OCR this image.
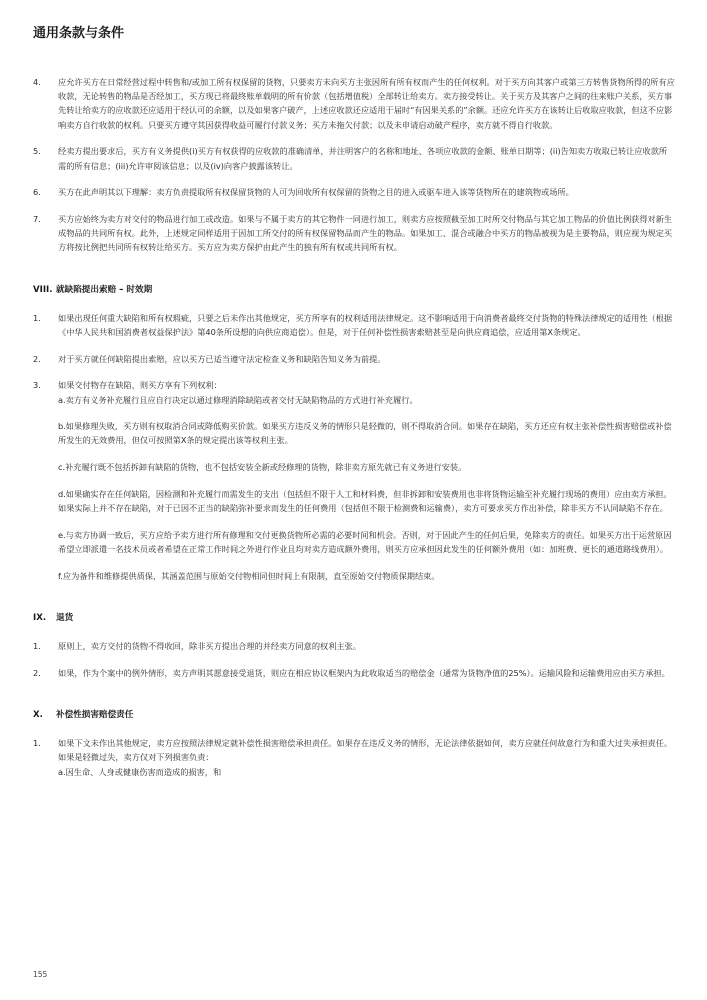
通用条款与条件
4. 应允许买方在日常经营过程中转售和/或加工所有权保留的货物，只要卖方未向买方主张因所有所有权而产生的任何权利。对于买方向其客户或第三方转售货物所得的所有应收款，无论转售的物品是否经加工，买方现已将最终账单载明的所有价款（包括增值税）全部转让给卖方。卖方接受转让。关于买方及其客户之间的往来账户关系，买方事先转让给卖方的应收款还应适用于经认可的余额，以及如果客户破产，上述应收款还应适用于届时“有因果关系的”余额。还应允许买方在该转让后收取应收款，但这不应影响卖方自行收款的权利。只要买方遵守其因获得收益可履行付款义务；买方未拖欠付款；以及未申请启动破产程序，卖方就不得自行收款。

5. 经卖方提出要求后，买方有义务提供(i)买方有权获得的应收款的准确清单，并注明客户的名称和地址、各项应收款的金额、账单日期等；(ii)告知卖方收取已转让应收款所需的所有信息；(iii)允许审阅该信息；以及(iv)向客户披露该转让。

6. 买方在此声明其以下理解：卖方负责提取所有权保留货物的人可为回收所有权保留的货物之目的进入或驱车进入该等货物所在的建筑物或场所。

7. 买方应始终为卖方对交付的物品进行加工或改造。如果与不属于卖方的其它物件一同进行加工，则卖方应按照截至加工时所交付物品与其它加工物品的价值比例获得对新生成物品的共同所有权。此外，上述规定同样适用于因加工所交付的所有权保留物品而产生的物品。如果加工、混合或融合中买方的物品被视为是主要物品，则应视为规定买方将按比例把共同所有权转让给买方。买方应为卖方保护由此产生的独有所有权或共同所有权。

VIII. 就缺陷提出索赔 – 时效期
1. 如果出现任何重大缺陷和所有权瑕疵，只要之后未作出其他规定，买方所享有的权利适用法律规定。这不影响适用于向消费者最终交付货物的特殊法律规定的适用性（根据《中华人民共和国消费者权益保护法》第40条所设想的向供应商追偿）。但是，对于任何补偿性损害索赔甚至是向供应商追偿，应适用第X条规定。

2. 对于买方就任何缺陷提出索赔，应以买方已适当遵守法定检查义务和缺陷告知义务为前提。

3. 如果交付物存在缺陷，则买方享有下列权利：

a.卖方有义务补充履行且应自行决定以通过修理消除缺陷或者交付无缺陷物品的方式进行补充履行。

b.如果修理失败，买方则有权取消合同或降低购买价款。如果买方违反义务的情形只是轻微的，则不得取消合同。如果存在缺陷，买方还应有权主张补偿性损害赔偿或补偿所发生的无效费用，但仅可按照第X条的规定提出该等权利主张。

c.补充履行既不包括拆卸有缺陷的货物，也不包括安装全新或经修理的货物，除非卖方原先就已有义务进行安装。

d.如果确实存在任何缺陷，因检测和补充履行而需发生的支出（包括但不限于人工和材料费，但非拆卸和安装费用也非将货物运输至补充履行现场的费用）应由卖方承担。如果实际上并不存在缺陷，对于已因不正当的缺陷弥补要求而发生的任何费用（包括但不限于检测费和运输费），卖方可要求买方作出补偿，除非买方不认同缺陷不存在。

e.与卖方协调一致后，买方应给予卖方进行所有修理和交付更换货物所必需的必要时间和机会。否则，对于因此产生的任何后果，免除卖方的责任。如果买方出于运营原因希望立即派遣一名技术员或者希望在正常工作时间之外进行作业且均对卖方造成额外费用，则买方应承担因此发生的任何额外费用（如：加班费、更长的通道路线费用）。

f.应为备件和维修提供质保，其涵盖范围与原始交付物相同但时间上有限制，直至原始交付物质保期结束。

IX. 退货
1. 原则上，卖方交付的货物不得收回，除非买方提出合理的并经卖方同意的权利主张。

2. 如果，作为个案中的例外情形，卖方声明其愿意接受退货，则应在相应协议框架内为此收取适当的赔偿金（通常为货物净值的25%）。运输风险和运输费用应由买方承担。

X. 补偿性损害赔偿责任
1. 如果下文未作出其他规定，卖方应按照法律规定就补偿性损害赔偿承担责任。如果存在违反义务的情形，无论法律依据如何，卖方应就任何故意行为和重大过失承担责任。如果是轻微过失，卖方仅对下列损害负责：

a.因生命、人身或健康伤害而造成的损害，和

155
